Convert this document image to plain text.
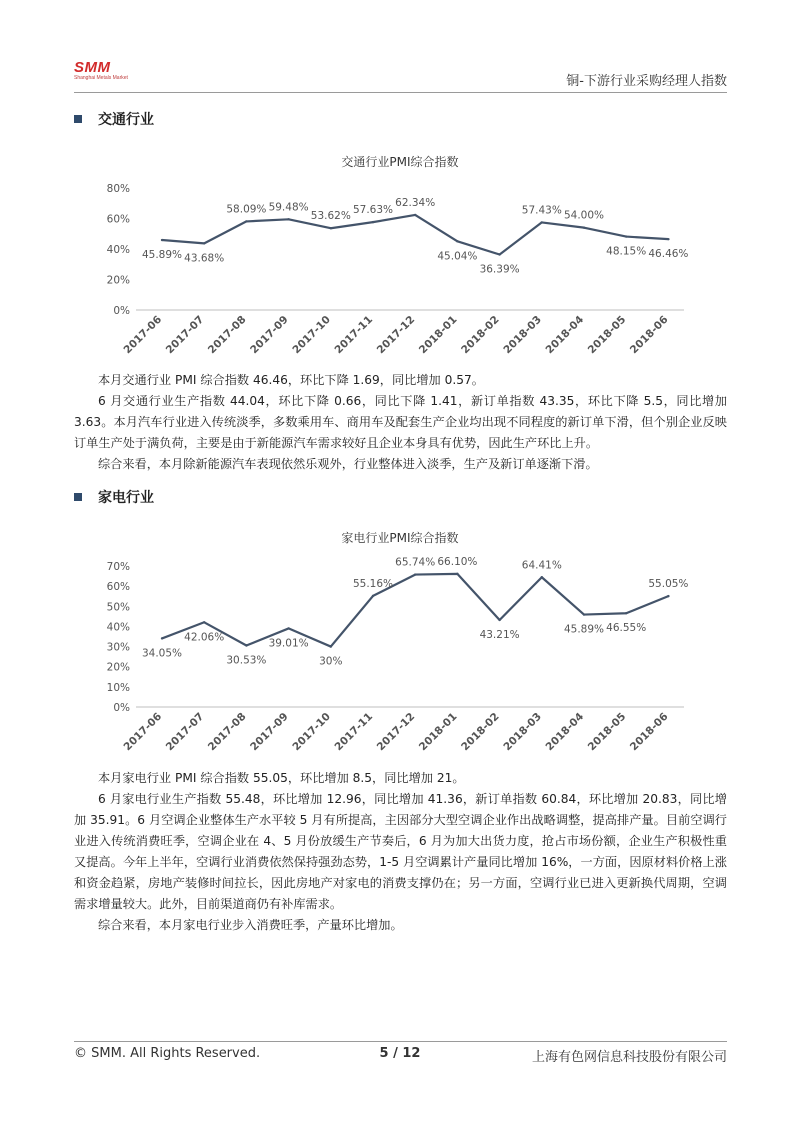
SMM
Shanghai Metals Market	铜-下游行业采购经理人指数
交通行业
交通行业PMI综合指数
0%
20%
40%
60%
80%
2017-06 2017-07 2017-08 2017-09 2017-10 2017-11 2017-12 2018-01 2018-02 2018-03 2018-04 2018-05 2018-06
45.89% 43.68%
58.09% 59.48%
53.62%
57.63%
62.34%
45.04%
36.39%
57.43% 54.00%
48.15% 46.46%

本月交通行业 PMI 综合指数 46.46，环比下降 1.69，同比增加 0.57。

6 月交通行业生产指数 44.04，环比下降 0.66，同比下降 1.41，新订单指数 43.35，环比下降 5.5，同比增加 3.63。本月汽车行业进入传统淡季，多数乘用车、商用车及配套生产企业均出现不同程度的新订单下滑，但个别企业反映订单生产处于满负荷，主要是由于新能源汽车需求较好且企业本身具有优势，因此生产环比上升。

综合来看，本月除新能源汽车表现依然乐观外，行业整体进入淡季，生产及新订单逐渐下滑。

家电行业
家电行业PMI综合指数
0%
10%
20%
30%
40%
50%
60%
70%
2017-06 2017-07 2017-08 2017-09 2017-10 2017-11 2017-12 2018-01 2018-02 2018-03 2018-04 2018-05 2018-06
34.05%
42.06%
30.53%
39.01%
30%
55.16%
65.74% 66.10%
43.21%
64.41%
45.89% 46.55%
55.05%

本月家电行业 PMI 综合指数 55.05，环比增加 8.5，同比增加 21。

6 月家电行业生产指数 55.48，环比增加 12.96，同比增加 41.36，新订单指数 60.84，环比增加 20.83，同比增加 35.91。6 月空调企业整体生产水平较 5 月有所提高，主因部分大型空调企业作出战略调整，提高排产量。目前空调行业进入传统消费旺季，空调企业在 4、5 月份放缓生产节奏后，6 月为加大出货力度，抢占市场份额，企业生产积极性重又提高。今年上半年，空调行业消费依然保持强劲态势，1-5 月空调累计产量同比增加 16%，一方面，因原材料价格上涨和资金趋紧，房地产装修时间拉长，因此房地产对家电的消费支撑仍在；另一方面，空调行业已进入更新换代周期，空调需求增量较大。此外，目前渠道商仍有补库需求。

综合来看，本月家电行业步入消费旺季，产量环比增加。

© SMM. All Rights Reserved.	5 / 12	上海有色网信息科技股份有限公司
